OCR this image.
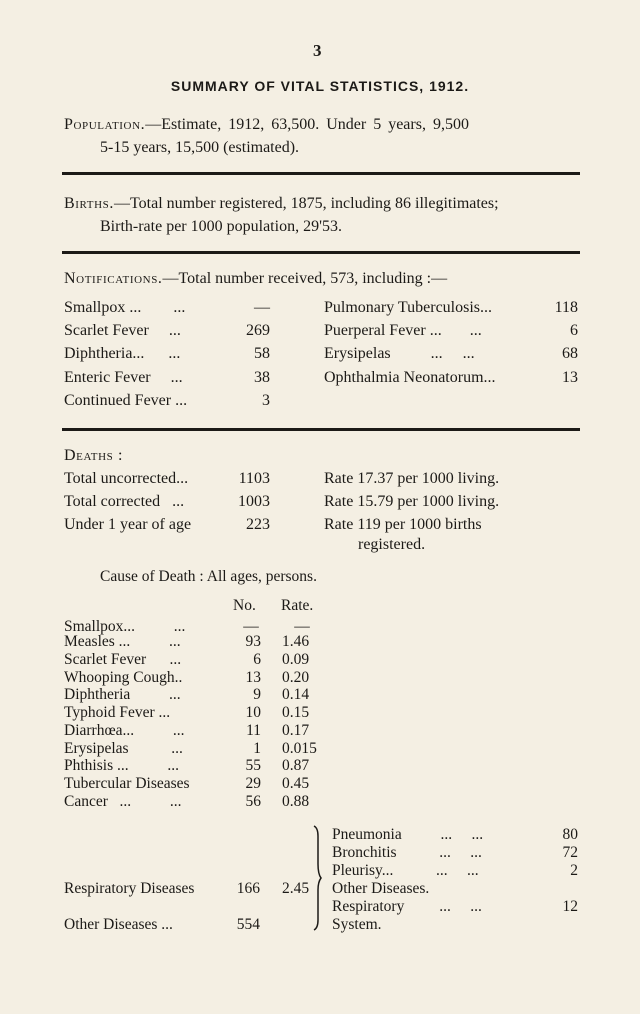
3
SUMMARY OF VITAL STATISTICS, 1912.
Population.—Estimate, 1912, 63,500. Under 5 years, 9,500
5-15 years, 15,500 (estimated).
Births.—Total number registered, 1875, including 86 illegitimates;
Birth-rate per 1000 population, 29'53.
Notifications.—Total number received, 573, including :—
Smallpox ...        ...	—
Scarlet Fever     ...	269
Diphtheria...      ...	58
Enteric Fever     ...	38
Continued Fever ...	3
Pulmonary Tuberculosis...	118
Puerperal Fever ...       ...	6
Erysipelas          ...     ...	68
Ophthalmia Neonatorum...	13
Deaths :
Total uncorrected...	1103	Rate 17.37 per 1000 living.
Total corrected   ...	1003	Rate 15.79 per 1000 living.
Under 1 year of age	223	Rate 119 per 1000 births
registered.
Cause of Death : All ages, persons.
No. Rate.
Smallpox...          ...	—	—
Measles ...          ...	93 1.46
Scarlet Fever      ...	6 0.09
Whooping Cough..	13 0.20
Diphtheria          ...	9 0.14
Typhoid Fever ...	10 0.15
Diarrhœa...          ...	11 0.17
Erysipelas           ...	1 0.015
Phthisis ...          ...	55 0.87
Tubercular Diseases	29 0.45
Cancer   ...          ...	56 0.88
Respiratory Diseases	166 2.45
Other Diseases ...	554
Pneumonia          ...     ...	80
Bronchitis           ...     ...	72
Pleurisy...           ...     ...	2
Other Diseases.
Respiratory         ...     ...	12
System.
